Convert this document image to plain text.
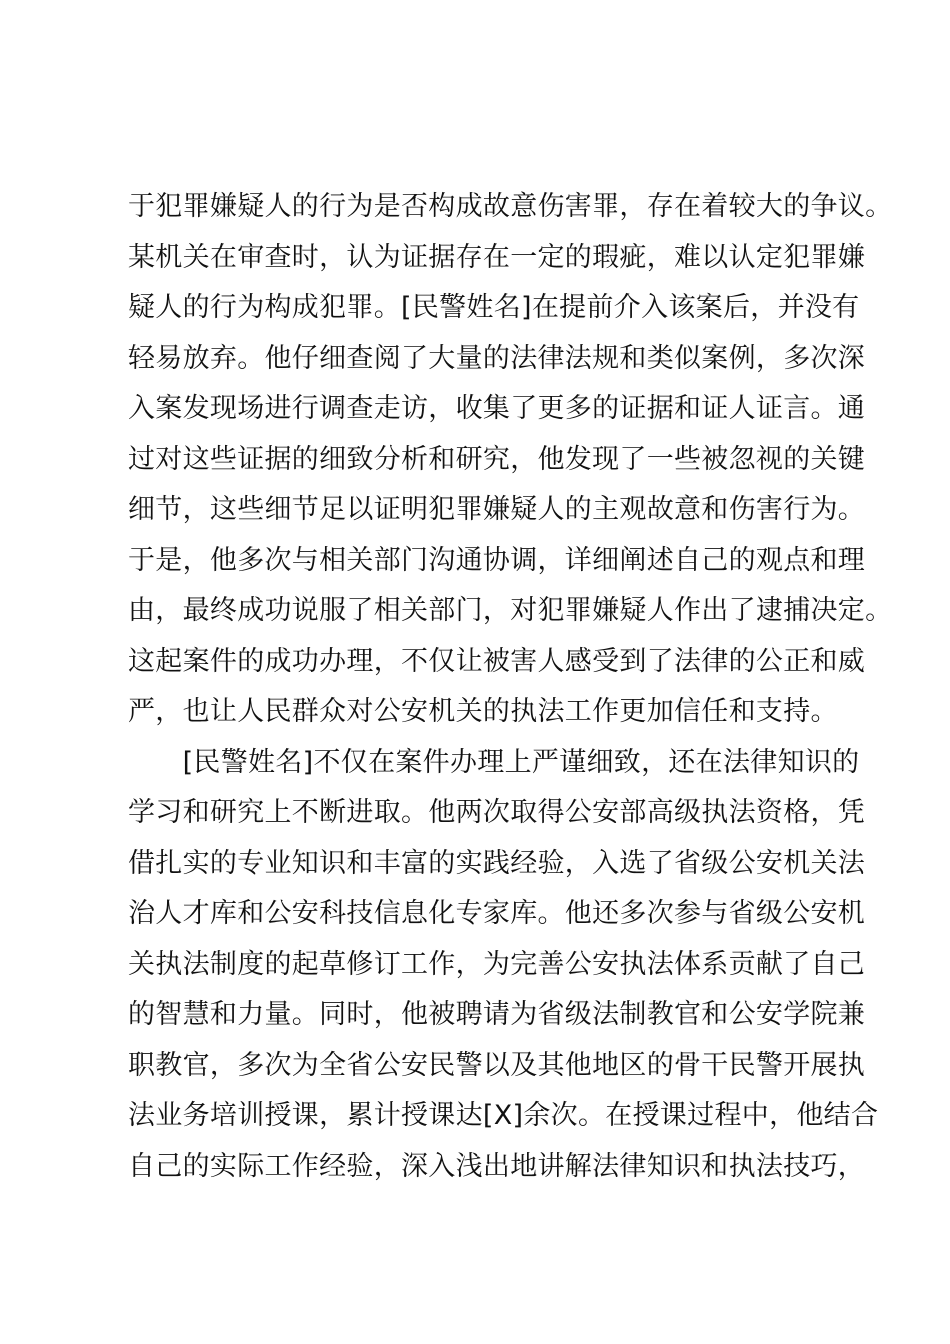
于犯罪嫌疑人的行为是否构成故意伤害罪，存在着较大的争议。
某机关在审查时，认为证据存在一定的瑕疵，难以认定犯罪嫌
疑人的行为构成犯罪。[民警姓名]在提前介入该案后，并没有
轻易放弃。他仔细查阅了大量的法律法规和类似案例，多次深
入案发现场进行调查走访，收集了更多的证据和证人证言。通
过对这些证据的细致分析和研究，他发现了一些被忽视的关键
细节，这些细节足以证明犯罪嫌疑人的主观故意和伤害行为。
于是，他多次与相关部门沟通协调，详细阐述自己的观点和理
由，最终成功说服了相关部门，对犯罪嫌疑人作出了逮捕决定。
这起案件的成功办理，不仅让被害人感受到了法律的公正和威
严，也让人民群众对公安机关的执法工作更加信任和支持。
　　[民警姓名]不仅在案件办理上严谨细致，还在法律知识的
学习和研究上不断进取。他两次取得公安部高级执法资格，凭
借扎实的专业知识和丰富的实践经验，入选了省级公安机关法
治人才库和公安科技信息化专家库。他还多次参与省级公安机
关执法制度的起草修订工作，为完善公安执法体系贡献了自己
的智慧和力量。同时，他被聘请为省级法制教官和公安学院兼
职教官，多次为全省公安民警以及其他地区的骨干民警开展执
法业务培训授课，累计授课达[X]余次。在授课过程中，他结合
自己的实际工作经验，深入浅出地讲解法律知识和执法技巧，
